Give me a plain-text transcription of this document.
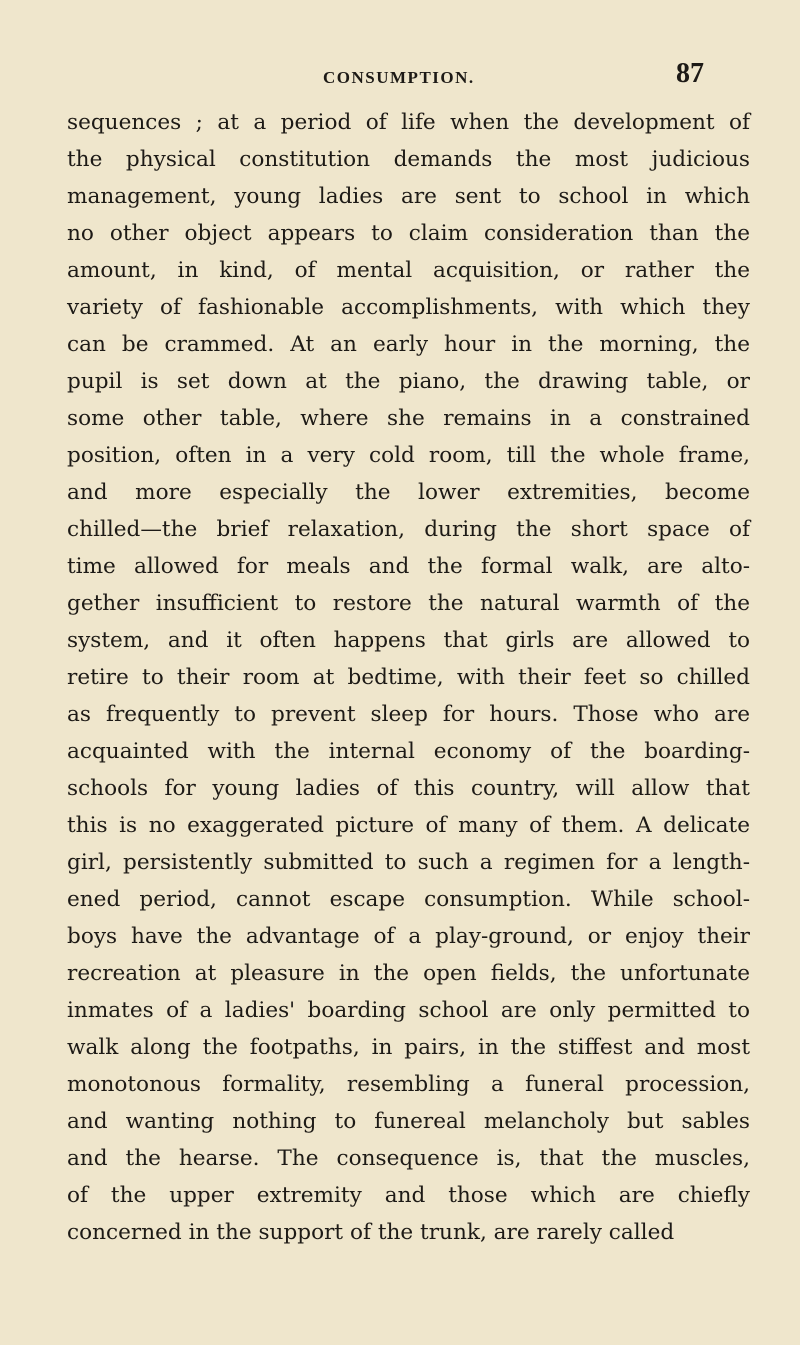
CONSUMPTION.	87
sequences ; at a period of life when the development of
the physical constitution demands the most judicious
management, young ladies are sent to school in which
no other object appears to claim consideration than the
amount, in kind, of mental acquisition, or rather the
variety of fashionable accomplishments, with which they
can be crammed. At an early hour in the morning, the
pupil is set down at the piano, the drawing table, or
some other table, where she remains in a constrained
position, often in a very cold room, till the whole frame,
and more especially the lower extremities, become
chilled—the brief relaxation, during the short space of
time allowed for meals and the formal walk, are alto-
gether insufficient to restore the natural warmth of the
system, and it often happens that girls are allowed to
retire to their room at bedtime, with their feet so chilled
as frequently to prevent sleep for hours. Those who are
acquainted with the internal economy of the boarding-
schools for young ladies of this country, will allow that
this is no exaggerated picture of many of them. A delicate
girl, persistently submitted to such a regimen for a length-
ened period, cannot escape consumption. While school-
boys have the advantage of a play-ground, or enjoy their
recreation at pleasure in the open fields, the unfortunate
inmates of a ladies' boarding school are only permitted to
walk along the footpaths, in pairs, in the stiffest and most
monotonous formality, resembling a funeral procession,
and wanting nothing to funereal melancholy but sables
and the hearse. The consequence is, that the muscles,
of the upper extremity and those which are chiefly
concerned in the support of the trunk, are rarely called
